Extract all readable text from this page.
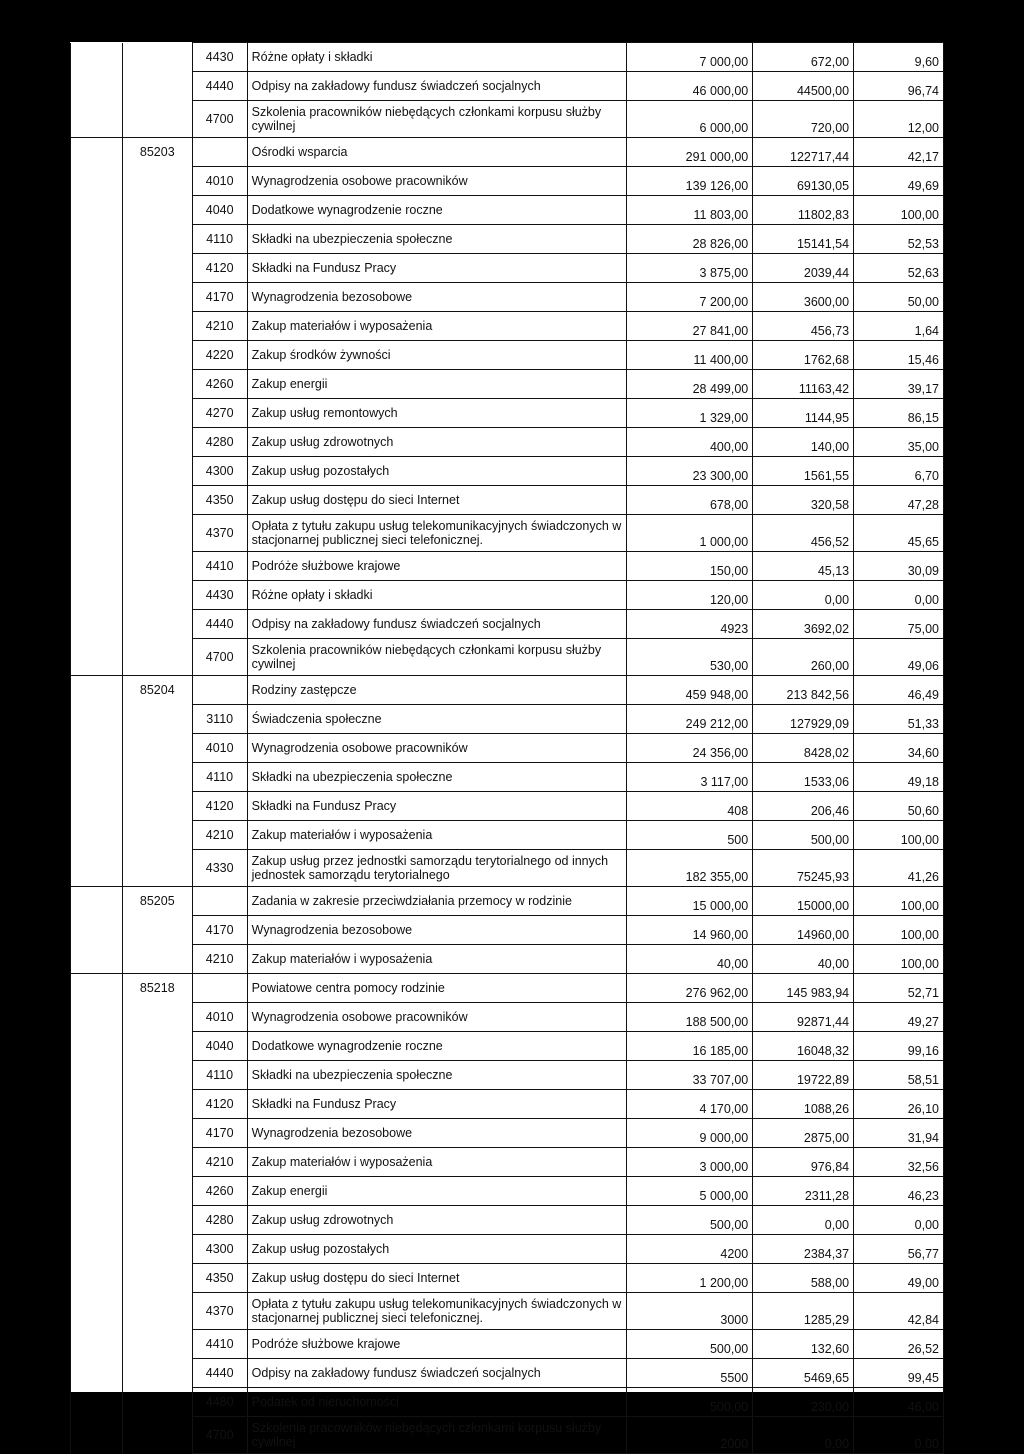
		4430	Różne opłaty i składki	7 000,00	672,00	9,60
		4440	Odpisy na zakładowy fundusz świadczeń socjalnych	46 000,00	44500,00	96,74
		4700	Szkolenia pracowników niebędących członkami korpusu służby cywilnej	6 000,00	720,00	12,00
	85203		Ośrodki wsparcia	291 000,00	122717,44	42,17
		4010	Wynagrodzenia osobowe pracowników	139 126,00	69130,05	49,69
		4040	Dodatkowe wynagrodzenie roczne	11 803,00	11802,83	100,00
		4110	Składki na ubezpieczenia społeczne	28 826,00	15141,54	52,53
		4120	Składki na Fundusz Pracy	3 875,00	2039,44	52,63
		4170	Wynagrodzenia bezosobowe	7 200,00	3600,00	50,00
		4210	Zakup materiałów i wyposażenia	27 841,00	456,73	1,64
		4220	Zakup środków żywności	11 400,00	1762,68	15,46
		4260	Zakup energii	28 499,00	11163,42	39,17
		4270	Zakup usług remontowych	1 329,00	1144,95	86,15
		4280	Zakup usług zdrowotnych	400,00	140,00	35,00
		4300	Zakup usług pozostałych	23 300,00	1561,55	6,70
		4350	Zakup usług dostępu do sieci Internet	678,00	320,58	47,28
		4370	Opłata z tytułu zakupu usług telekomunikacyjnych świadczonych w stacjonarnej publicznej sieci telefonicznej.	1 000,00	456,52	45,65
		4410	Podróże służbowe krajowe	150,00	45,13	30,09
		4430	Różne opłaty i składki	120,00	0,00	0,00
		4440	Odpisy na zakładowy fundusz świadczeń socjalnych	4923	3692,02	75,00
		4700	Szkolenia pracowników niebędących członkami korpusu służby cywilnej	530,00	260,00	49,06
	85204		Rodziny zastępcze	459 948,00	213 842,56	46,49
		3110	Świadczenia społeczne	249 212,00	127929,09	51,33
		4010	Wynagrodzenia osobowe pracowników	24 356,00	8428,02	34,60
		4110	Składki na ubezpieczenia społeczne	3 117,00	1533,06	49,18
		4120	Składki na Fundusz Pracy	408	206,46	50,60
		4210	Zakup materiałów i wyposażenia	500	500,00	100,00
		4330	Zakup usług przez jednostki samorządu terytorialnego od innych jednostek samorządu terytorialnego	182 355,00	75245,93	41,26
	85205		Zadania w zakresie przeciwdziałania przemocy w rodzinie	15 000,00	15000,00	100,00
		4170	Wynagrodzenia bezosobowe	14 960,00	14960,00	100,00
		4210	Zakup materiałów i wyposażenia	40,00	40,00	100,00
	85218		Powiatowe centra pomocy rodzinie	276 962,00	145 983,94	52,71
		4010	Wynagrodzenia osobowe pracowników	188 500,00	92871,44	49,27
		4040	Dodatkowe wynagrodzenie roczne	16 185,00	16048,32	99,16
		4110	Składki na ubezpieczenia społeczne	33 707,00	19722,89	58,51
		4120	Składki na Fundusz Pracy	4 170,00	1088,26	26,10
		4170	Wynagrodzenia bezosobowe	9 000,00	2875,00	31,94
		4210	Zakup materiałów i wyposażenia	3 000,00	976,84	32,56
		4260	Zakup energii	5 000,00	2311,28	46,23
		4280	Zakup usług zdrowotnych	500,00	0,00	0,00
		4300	Zakup usług pozostałych	4200	2384,37	56,77
		4350	Zakup usług dostępu do sieci Internet	1 200,00	588,00	49,00
		4370	Opłata z tytułu zakupu usług telekomunikacyjnych świadczonych w stacjonarnej publicznej sieci telefonicznej.	3000	1285,29	42,84
		4410	Podróże służbowe krajowe	500,00	132,60	26,52
		4440	Odpisy na zakładowy fundusz świadczeń socjalnych	5500	5469,65	99,45
		4480	Podatek od nieruchomości	500,00	230,00	46,00
		4700	Szkolenia pracowników niebędących członkami korpusu służby cywilnej	2000	0,00	0,00
